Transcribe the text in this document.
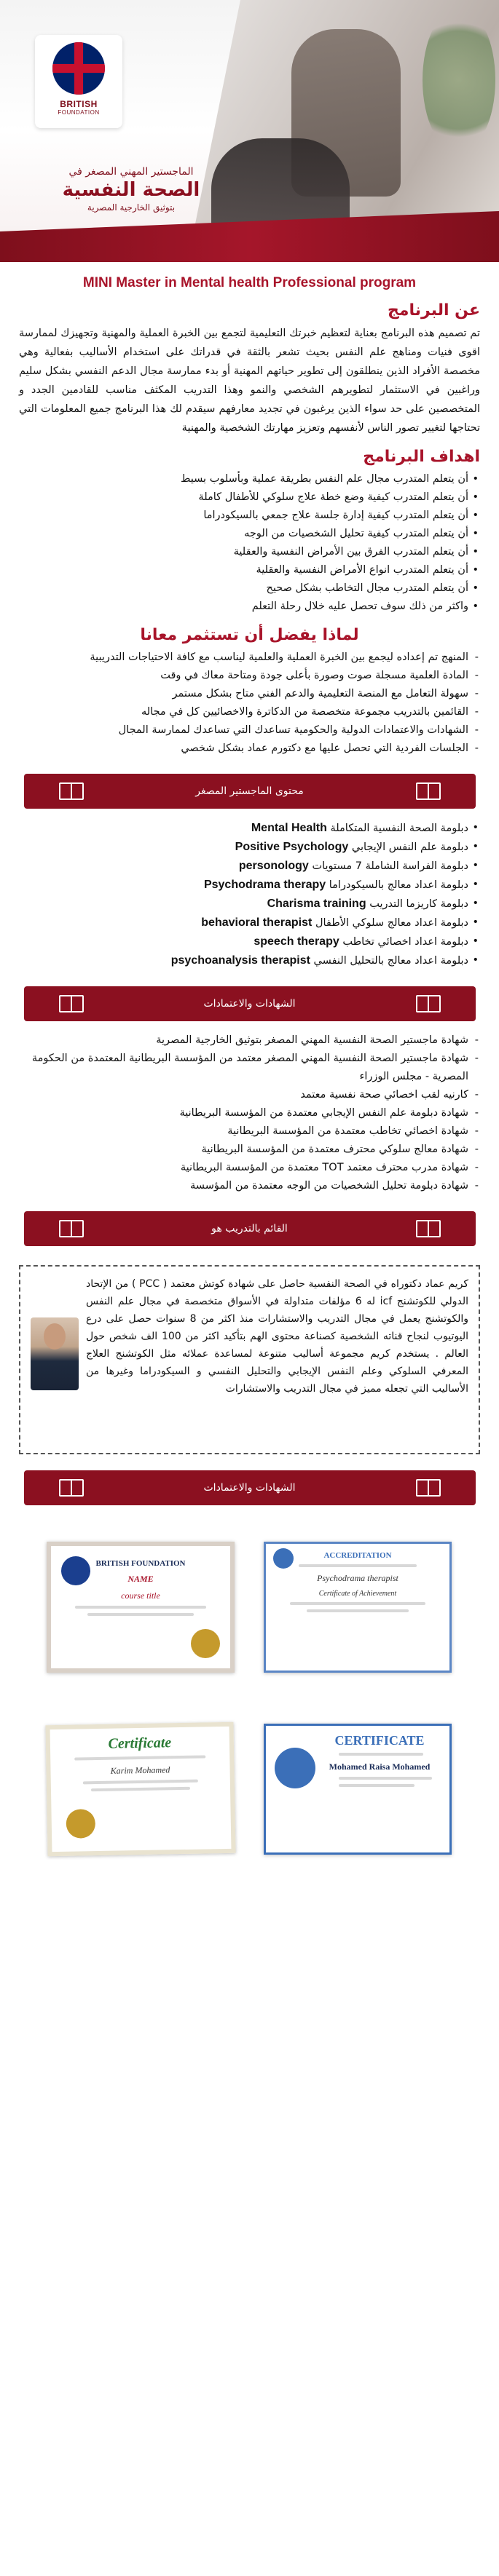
BRITISH
FOUNDATION
الماجستير المهني المصغر في
الصحة النفسية
بتوثيق الخارجية المصرية
MINI Master in Mental health Professional program
عن البرنامج

تم تصميم هذه البرنامج بعناية لتعظيم خبرتك التعليمية لتجمع بين الخبرة العملية والمهنية وتجهيزك لممارسة اقوى فنيات ومناهج علم النفس بحيث تشعر بالثقة في قدراتك على استخدام الأساليب بفعالية وهي مخصصة الأفراد الذين ينطلقون إلى تطوير حياتهم المهنية أو بدء ممارسة مجال الدعم النفسي بشكل سليم وراغبين في الاستثمار لتطويرهم الشخصي والنمو وهذا التدريب المكثف مناسب للقادمين الجدد و المتخصصين على حد سواء الذين يرغبون في تجديد معارفهم سيقدم لك هذا البرنامج جميع المعلومات التي تحتاجها لتغيير تصور الناس لأنفسهم وتعزيز مهارتك الشخصية والمهنية

اهداف البرنامج
• أن يتعلم المتدرب مجال علم النفس بطريقة عملية وبأسلوب بسيط
• أن يتعلم المتدرب كيفية وضع خطة علاج سلوكي للأطفال كاملة
• أن يتعلم المتدرب كيفية إدارة جلسة علاج جمعي بالسيكودراما
• أن يتعلم المتدرب كيفية تحليل الشخصيات من الوجه
• أن يتعلم المتدرب الفرق بين الأمراض النفسية والعقلية
• أن يتعلم المتدرب انواع الأمراض النفسية والعقلية
• أن يتعلم المتدرب مجال التخاطب بشكل صحيح
• واكثر من ذلك سوف تحصل عليه خلال رحلة التعلم
لماذا يفضل أن تستثمر معانا
- المنهج تم إعداده ليجمع بين الخبرة العملية والعلمية ليناسب مع كافة الاحتياجات التدريبية
- المادة العلمية مسجلة صوت وصورة بأعلى جودة ومتاحة معاك في وقت
- سهولة التعامل مع المنصة التعليمية والدعم الفني متاح بشكل مستمر
- القائمين بالتدريب مجموعة متخصصة من الدكاترة والاخصائيين كل في مجاله
- الشهادات والاعتمادات الدولية والحكومية تساعدك التي تساعدك لممارسة المجال
- الجلسات الفردية التي تحصل عليها مع دكتورم عماد بشكل شخصي
محتوى الماجستير المصغر
• دبلومة الصحة النفسية المتكاملة Mental Health
• دبلومة علم النفس الإيجابي Positive Psychology
• دبلومة الفراسة الشاملة 7 مستويات personology
• دبلومة اعداد معالج بالسيكودراما Psychodrama therapy
• دبلومة كاريزما التدريب Charisma training
• دبلومة اعداد معالج سلوكي الأطفال behavioral therapist
• دبلومة اعداد اخصائي تخاطب speech therapy
• دبلومة اعداد معالج بالتحليل النفسي psychoanalysis therapist
الشهادات والاعتمادات
- شهادة ماجستير الصحة النفسية المهني المصغر بتوثيق الخارجية المصرية
- شهادة ماجستير الصحة النفسية المهني المصغر معتمد من المؤسسة البريطانية المعتمدة من الحكومة المصرية - مجلس الوزراء
- كارنيه لقب اخصائي صحة نفسية معتمد
- شهادة دبلومة علم النفس الإيجابي معتمدة من المؤسسة البريطانية
- شهادة اخصائي تخاطب معتمدة من المؤسسة البريطانية
- شهادة معالج سلوكي محترف معتمدة من المؤسسة البريطانية
- شهادة مدرب محترف معتمد TOT معتمدة من المؤسسة البريطانية
- شهادة دبلومة تحليل الشخصيات من الوجه معتمدة من المؤسسة
القائم بالتدريب هو

كريم عماد دكتوراه في الصحة النفسية حاصل على شهادة كوتش معتمد ( PCC ) من الإتحاد الدولي للكوتشنج icf له 6 مؤلفات متداولة في الأسواق متخصصة في مجال علم النفس والكوتشنج يعمل في مجال التدريب والاستشارات منذ اكثر من 8 سنوات حصل على درع اليوتيوب لنجاح قناته الشخصية كصناعة محتوى الهم بتأكيد اكثر من 100 الف شخص حول العالم . يستخدم كريم مجموعة أساليب متنوعة لمساعدة عملائه مثل الكوتشنج العلاج المعرفي السلوكي وعلم النفس الإيجابي والتحليل النفسي و السيكودراما وغيرها من الأساليب التي تجعله مميز في مجال التدريب والاستشارات

الشهادات والاعتمادات
BRITISH FOUNDATION
NAME
course title
ACCREDITATION
Psychodrama therapist
Certificate of Achievement
Certificate
Karim Mohamed
CERTIFICATE
Mohamed Raisa Mohamed
